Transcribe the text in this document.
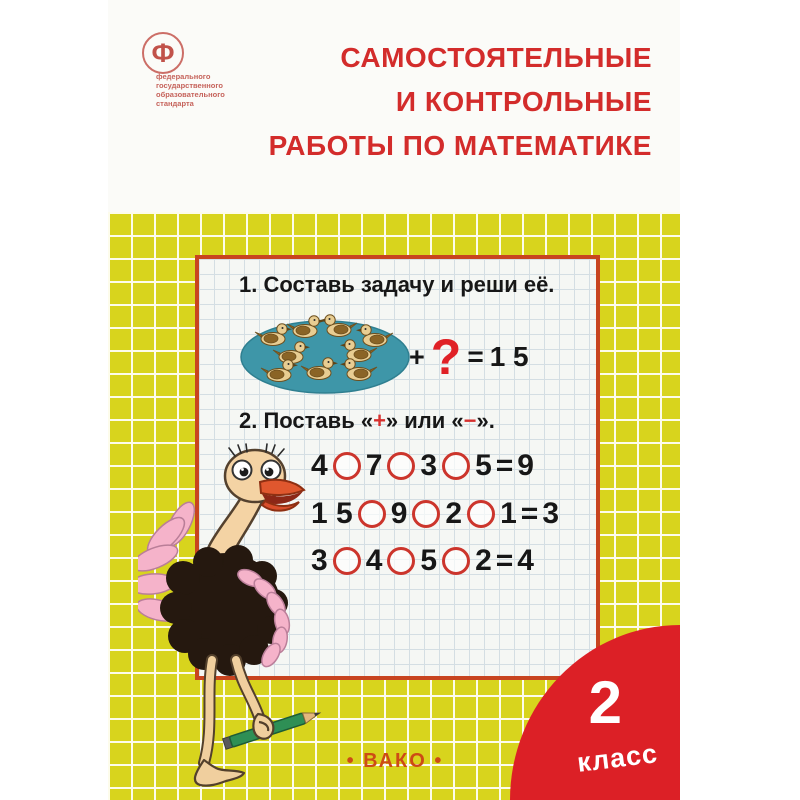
Ф
федерального
государственного
образовательного
стандарта
САМОСТОЯТЕЛЬНЫЕ
И КОНТРОЛЬНЫЕ
РАБОТЫ ПО МАТЕМАТИКЕ
1. Составь задачу и реши её.
+ ? = 1 5
2. Поставь «+» или «−».
4 7 3 5 = 9
1 5 9 2 1 = 3
3 4 5 2 = 4
• ВАКО •
2
класс
